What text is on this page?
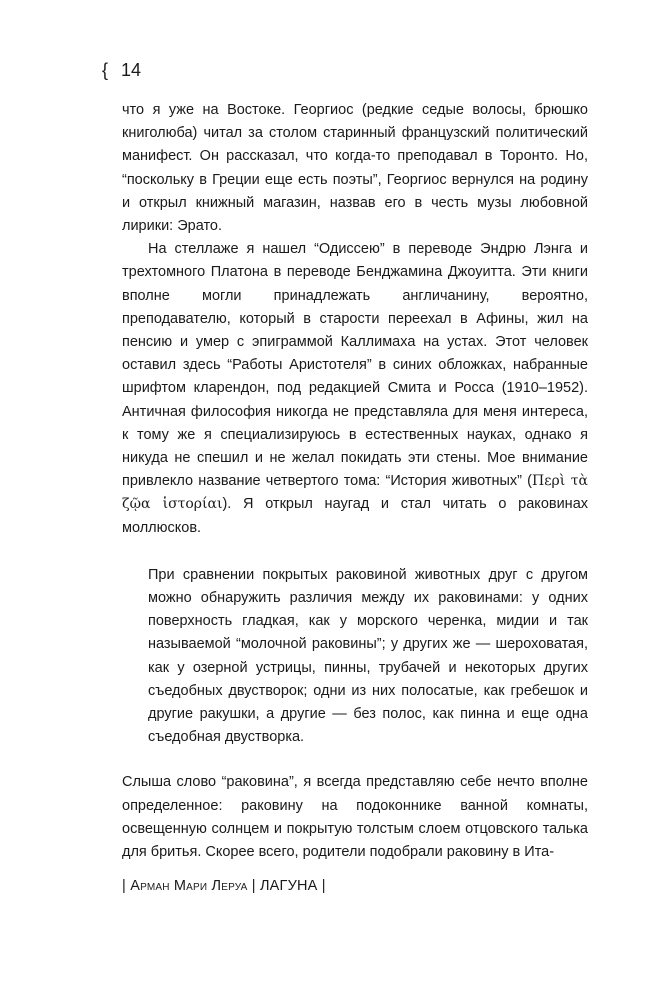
{ 14

что я уже на Востоке. Георгиос (редкие седые волосы, брюшко книголюба) читал за столом старинный французский политический манифест. Он рассказал, что когда-то преподавал в Торонто. Но, “поскольку в Греции еще есть поэты”, Георгиос вернулся на родину и открыл книжный магазин, назвав его в честь музы любовной лирики: Эрато.

На стеллаже я нашел “Одиссею” в переводе Эндрю Лэнга и трехтомного Платона в переводе Бенджамина Джоуитта. Эти книги вполне могли принадлежать англичанину, вероятно, преподавателю, который в старости переехал в Афины, жил на пенсию и умер с эпиграммой Каллимаха на устах. Этот человек оставил здесь “Работы Аристотеля” в синих обложках, набранные шрифтом кларендон, под редакцией Смита и Росса (1910–1952). Античная философия никогда не представляла для меня интереса, к тому же я специализируюсь в естественных науках, однако я никуда не спешил и не желал покидать эти стены. Мое внимание привлекло название четвертого тома: “История животных” (Περὶ τὰ ζῷα ἱστορίαι). Я открыл наугад и стал читать о раковинах моллюсков.

При сравнении покрытых раковиной животных друг с другом можно обнаружить различия между их раковинами: у одних поверхность гладкая, как у морского черенка, мидии и так называемой “молочной раковины”; у других же — шероховатая, как у озерной устрицы, пинны, трубачей и некоторых других съедобных двустворок; одни из них полосатые, как гребешок и другие ракушки, а другие — без полос, как пинна и еще одна съедобная двустворка.

Слыша слово “раковина”, я всегда представляю себе нечто вполне определенное: раковину на подоконнике ванной комнаты, освещенную солнцем и покрытую толстым слоем отцовского талька для бритья. Скорее всего, родители подобрали раковину в Ита-

| Арман Мари Леруа | ЛАГУНА |
